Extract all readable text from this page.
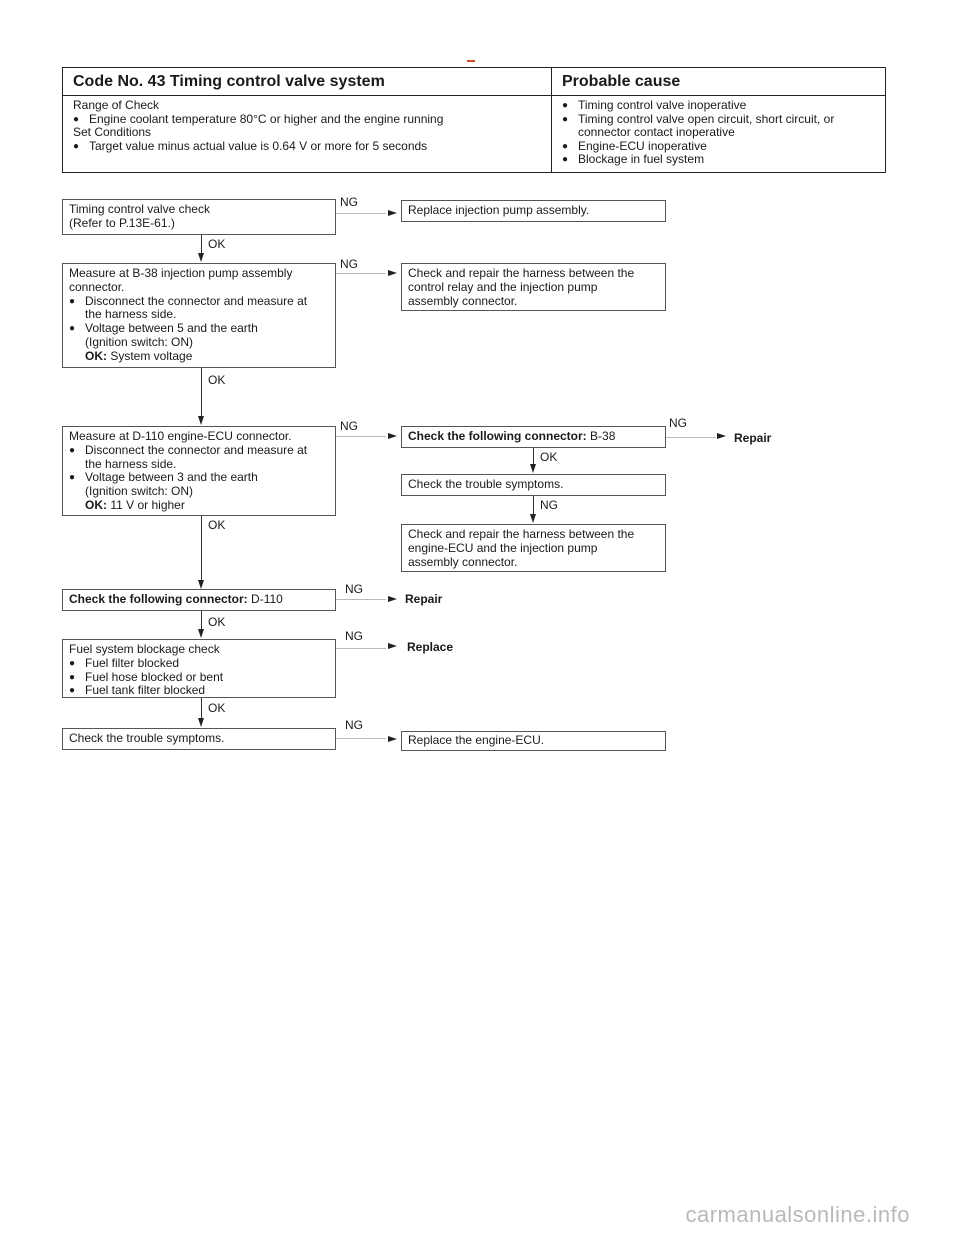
Code No. 43 Timing control valve system
Range of Check
● Engine coolant temperature 80°C or higher and the engine running
Set Conditions
● Target value minus actual value is 0.64 V or more for 5 seconds
Probable cause
● Timing control valve inoperative
● Timing control valve open circuit, short circuit, or
connector contact inoperative
● Engine-ECU inoperative
● Blockage in fuel system
Timing control valve check
(Refer to P.13E-61.)
NG
Replace injection pump assembly.
OK
Measure at B-38 injection pump assembly
connector.
● Disconnect the connector and measure at
the harness side.
● Voltage between 5 and the earth
(Ignition switch: ON)
OK: System voltage
NG
Check and repair the harness between the
control relay and the injection pump
assembly connector.
OK
Measure at D-110 engine-ECU connector.
● Disconnect the connector and measure at
the harness side.
● Voltage between 3 and the earth
(Ignition switch: ON)
OK: 11 V or higher
NG
Check the following connector: B-38
NG
Repair
OK
Check the trouble symptoms.
NG
Check and repair the harness between the
engine-ECU and the injection pump
assembly connector.
OK
Check the following connector: D-110
NG
Repair
OK
Fuel system blockage check
● Fuel filter blocked
● Fuel hose blocked or bent
● Fuel tank filter blocked
NG
Replace
OK
Check the trouble symptoms.
NG
Replace the engine-ECU.
carmanualsonline.info
